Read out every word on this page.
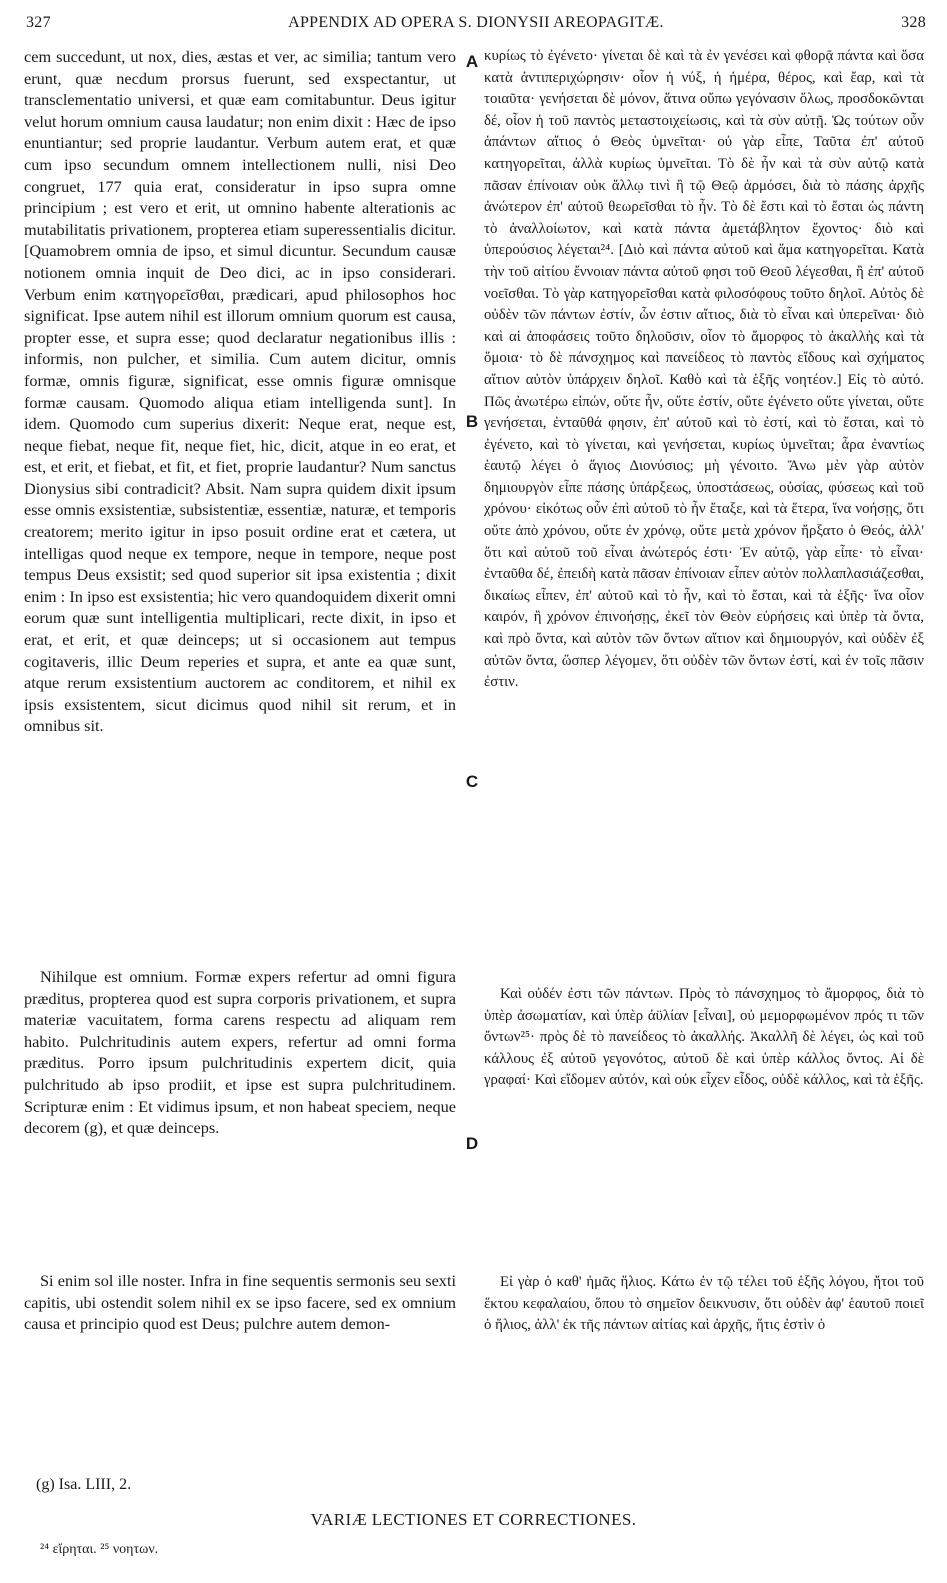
327	APPENDIX AD OPERA S. DIONYSII AREOPAGITÆ.	328

cem succedunt, ut nox, dies, æstas et ver, ac similia; tantum vero erunt, quæ necdum prorsus fuerunt, sed exspectantur, ut transclementatio universi, et quæ eam comitabuntur. Deus igitur velut horum omnium causa laudatur; non enim dixit : Hæc de ipso enuntiantur; sed proprie laudantur. Verbum autem erat, et quæ cum ipso secundum omnem intellectionem nulli, nisi Deo congruet, 177 quia erat, consideratur in ipso supra omne principium ; est vero et erit, ut omnino habente alterationis ac mutabilitatis privationem, propterea etiam superessentialis dicitur. [Quamobrem omnia de ipso, et simul dicuntur. Secundum causæ notionem omnia inquit de Deo dici, ac in ipso considerari. Verbum enim κατηγορεῖσθαι, prædicari, apud philosophos hoc significat. Ipse autem nihil est illorum omnium quorum est causa, propter esse, et supra esse; quod declaratur negationibus illis : informis, non pulcher, et similia. Cum autem dicitur, omnis formæ, omnis figuræ, significat, esse omnis figuræ omnisque formæ causam. Quomodo aliqua etiam intelligenda sunt]. In idem. Quomodo cum superius dixerit: Neque erat, neque est, neque fiebat, neque fit, neque fiet, hic, dicit, atque in eo erat, et est, et erit, et fiebat, et fit, et fiet, proprie laudantur? Num sanctus Dionysius sibi contradicit? Absit. Nam supra quidem dixit ipsum esse omnis exsistentiæ, subsistentiæ, essentiæ, naturæ, et temporis creatorem; merito igitur in ipso posuit ordine erat et cætera, ut intelligas quod neque ex tempore, neque in tempore, neque post tempus Deus exsistit; sed quod superior sit ipsa existentia ; dixit enim : In ipso est exsistentia; hic vero quandoquidem dixerit omni eorum quæ sunt intelligentia multiplicari, recte dixit, in ipso et erat, et erit, et quæ deinceps; ut si occasionem aut tempus cogitaveris, illic Deum reperies et supra, et ante ea quæ sunt, atque rerum exsistentium auctorem ac conditorem, et nihil ex ipsis exsistentem, sicut dicimus quod nihil sit rerum, et in omnibus sit.

Nihilque est omnium. Formæ expers refertur ad omni figura præditus, propterea quod est supra corporis privationem, et supra materiæ vacuitatem, forma carens respectu ad aliquam rem habito. Pulchritudinis autem expers, refertur ad omni forma præditus. Porro ipsum pulchritudinis expertem dicit, quia pulchritudo ab ipso prodiit, et ipse est supra pulchritudinem. Scripturæ enim : Et vidimus ipsum, et non habeat speciem, neque decorem (g), et quæ deinceps.

Si enim sol ille noster. Infra in fine sequentis sermonis seu sexti capitis, ubi ostendit solem nihil ex se ipso facere, sed ex omnium causa et principio quod est Deus; pulchre autem demon-

A
B
C
D

κυρίως τὸ ἐγένετο· γίνεται δὲ καὶ τὰ ἐν γενέσει καὶ φθορᾷ πάντα καὶ ὅσα κατὰ ἀντιπεριχώρησιν· οἷον ἡ νύξ, ἡ ἡμέρα, θέρος, καὶ ἔαρ, καὶ τὰ τοιαῦτα· γενήσεται δὲ μόνον, ἅτινα οὔπω γεγόνασιν ὅλως, προσδοκῶνται δέ, οἷον ἡ τοῦ παντὸς μεταστοιχείωσις, καὶ τὰ σὺν αὐτῇ. Ὡς τούτων οὖν ἁπάντων αἴτιος ὁ Θεὸς ὑμνεῖται· οὐ γὰρ εἶπε, Ταῦτα ἐπ' αὐτοῦ κατηγορεῖται, ἀλλὰ κυρίως ὑμνεῖται. Τὸ δὲ ἦν καὶ τὰ σὺν αὐτῷ κατὰ πᾶσαν ἐπίνοιαν οὐκ ἄλλῳ τινὶ ἢ τῷ Θεῷ ἁρμόσει, διὰ τὸ πάσης ἀρχῆς ἀνώτερον ἐπ' αὐτοῦ θεωρεῖσθαι τὸ ἦν. Τὸ δὲ ἔστι καὶ τὸ ἔσται ὡς πάντη τὸ ἀναλλοίωτον, καὶ κατὰ πάντα ἀμετάβλητον ἔχοντος· διὸ καὶ ὑπερούσιος λέγεται²⁴. [Διὸ καὶ πάντα αὐτοῦ καὶ ἅμα κατηγορεῖται. Κατὰ τὴν τοῦ αἰτίου ἔννοιαν πάντα αὐτοῦ φησι τοῦ Θεοῦ λέγεσθαι, ἢ ἐπ' αὐτοῦ νοεῖσθαι. Τὸ γὰρ κατηγορεῖσθαι κατὰ φιλοσόφους τοῦτο δηλοῖ. Αὐτὸς δὲ οὐδὲν τῶν πάντων ἐστίν, ὧν ἐστιν αἴτιος, διὰ τὸ εἶναι καὶ ὑπερεῖναι· διὸ καὶ αἱ ἀποφάσεις τοῦτο δηλοῦσιν, οἷον τὸ ἄμορφος τὸ ἀκαλλὴς καὶ τὰ ὅμοια· τὸ δὲ πάνσχημος καὶ πανείδεος τὸ παντὸς εἴδους καὶ σχήματος αἴτιον αὐτὸν ὑπάρχειν δηλοῖ. Καθὸ καὶ τὰ ἑξῆς νοητέον.] Εἰς τὸ αὐτό. Πῶς ἀνωτέρω εἰπών, οὔτε ἦν, οὔτε ἐστίν, οὔτε ἐγένετο οὔτε γίνεται, οὔτε γενήσεται, ἐνταῦθά φησιν, ἐπ' αὐτοῦ καὶ τὸ ἐστί, καὶ τὸ ἔσται, καὶ τὸ ἐγένετο, καὶ τὸ γίνεται, καὶ γενήσεται, κυρίως ὑμνεῖται; ἆρα ἐναντίως ἑαυτῷ λέγει ὁ ἅγιος Διονύσιος; μὴ γένοιτο. Ἄνω μὲν γὰρ αὐτὸν δημιουργὸν εἶπε πάσης ὑπάρξεως, ὑποστάσεως, οὐσίας, φύσεως καὶ τοῦ χρόνου· εἰκότως οὖν ἐπὶ αὐτοῦ τὸ ἦν ἔταξε, καὶ τὰ ἕτερα, ἵνα νοήσῃς, ὅτι οὔτε ἀπὸ χρόνου, οὔτε ἐν χρόνῳ, οὔτε μετὰ χρόνον ἤρξατο ὁ Θεός, ἀλλ' ὅτι καὶ αὐτοῦ τοῦ εἶναι ἀνώτερός ἐστι· Ἐν αὐτῷ, γὰρ εἶπε· τὸ εἶναι· ἐνταῦθα δέ, ἐπειδὴ κατὰ πᾶσαν ἐπίνοιαν εἶπεν αὐτὸν πολλαπλασιάζεσθαι, δικαίως εἶπεν, ἐπ' αὐτοῦ καὶ τὸ ἦν, καὶ τὸ ἔσται, καὶ τὰ ἑξῆς· ἵνα οἷον καιρόν, ἢ χρόνον ἐπινοήσῃς, ἐκεῖ τὸν Θεὸν εὑρήσεις καὶ ὑπὲρ τὰ ὄντα, καὶ πρὸ ὄντα, καὶ αὐτὸν τῶν ὄντων αἴτιον καὶ δημιουργόν, καὶ οὐδὲν ἐξ αὐτῶν ὄντα, ὥσπερ λέγομεν, ὅτι οὐδὲν τῶν ὄντων ἐστί, καὶ ἐν τοῖς πᾶσιν ἐστιν.

Καὶ οὐδέν ἐστι τῶν πάντων. Πρὸς τὸ πάνσχημος τὸ ἄμορφος, διὰ τὸ ὑπὲρ ἀσωματίαν, καὶ ὑπὲρ ἀϋλίαν [εἶναι], οὐ μεμορφωμένον πρός τι τῶν ὄντων²⁵· πρὸς δὲ τὸ πανείδεος τὸ ἀκαλλής. Ἀκαλλῆ δὲ λέγει, ὡς καὶ τοῦ κάλλους ἐξ αὐτοῦ γεγονότος, αὐτοῦ δὲ καὶ ὑπὲρ κάλλος ὄντος. Αἱ δὲ γραφαί· Καὶ εἴδομεν αὐτόν, καὶ οὐκ εἶχεν εἶδος, οὐδὲ κάλλος, καὶ τὰ ἑξῆς.

Εἰ γὰρ ὁ καθ' ἡμᾶς ἥλιος. Κάτω ἐν τῷ τέλει τοῦ ἑξῆς λόγου, ἤτοι τοῦ ἕκτου κεφαλαίου, ὅπου τὸ σημεῖον δεικνυσιν, ὅτι οὐδὲν ἀφ' ἑαυτοῦ ποιεῖ ὁ ἥλιος, ἀλλ' ἐκ τῆς πάντων αἰτίας καὶ ἀρχῆς, ἥτις ἐστὶν ὁ

(g) Isa. LIII, 2.
VARIÆ LECTIONES ET CORRECTIONES.
²⁴ εἴρηται. ²⁵ νοητων.
